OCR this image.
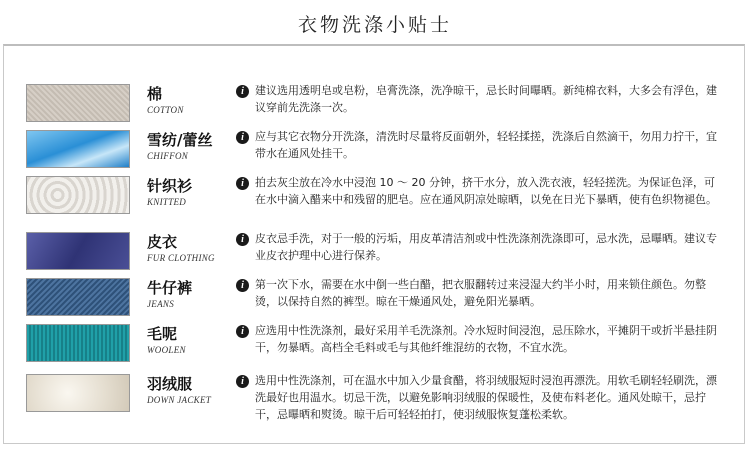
衣物洗涤小贴士
棉
COTTON
i	建议选用透明皂或皂粉，皂膏洗涤，洗净晾干，忌长时间曝晒。新纯棉衣料，大多会有浮色，建议穿前先洗涤一次。
雪纺/蕾丝
CHIFFON
i	应与其它衣物分开洗涤，清洗时尽量将反面朝外，轻轻揉搓，洗涤后自然滴干，勿用力拧干，宜带水在通风处挂干。
针织衫
KNITTED
i	拍去灰尘放在冷水中浸泡 10 ～ 20 分钟，挤干水分，放入洗衣液，轻轻搓洗。为保证色泽，可在水中滴入醋来中和残留的肥皂。应在通风阴凉处晾晒，以免在日光下暴晒，使有色织物褪色。
皮衣
FUR CLOTHING
i	皮衣忌手洗，对于一般的污垢，用皮革清洁剂或中性洗涤剂洗涤即可，忌水洗，忌曝晒。建议专业皮衣护理中心进行保养。
牛仔裤
JEANS
i	第一次下水，需要在水中倒一些白醋，把衣服翻转过来浸湿大约半小时，用来锁住颜色。勿整烫，以保持自然的裤型。晾在干燥通风处，避免阳光暴晒。
毛呢
WOOLEN
i	应选用中性洗涤剂，最好采用羊毛洗涤剂。冷水短时间浸泡，忌压除水，平摊阴干或折半悬挂阴干，勿暴晒。高档全毛料或毛与其他纤维混纺的衣物，不宜水洗。
羽绒服
DOWN JACKET
i	选用中性洗涤剂，可在温水中加入少量食醋，将羽绒服短时浸泡再漂洗。用软毛刷轻轻刷洗，漂洗最好也用温水。切忌干洗，以避免影响羽绒服的保暖性，及使布料老化。通风处晾干，忌拧干，忌曝晒和熨烫。晾干后可轻轻拍打，使羽绒服恢复蓬松柔软。
